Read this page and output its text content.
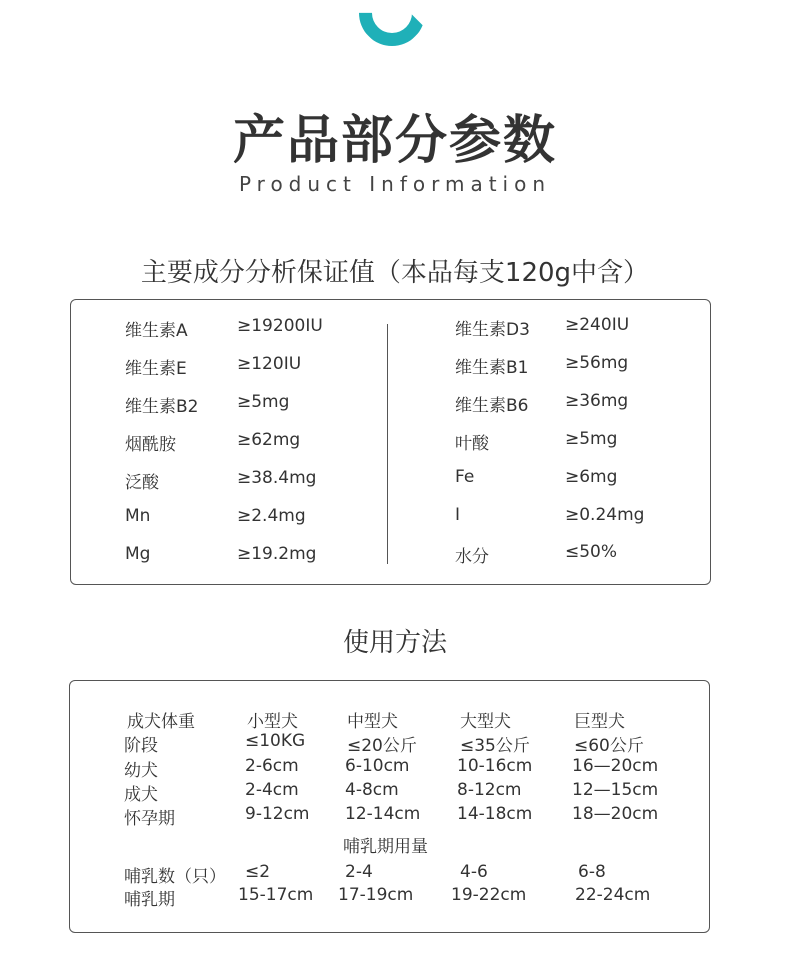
产品部分参数
Product Information
主要成分分析保证值（本品每支120g中含）
维生素A	≥19200IU
维生素E	≥120IU
维生素B2 ≥5mg
烟酰胺	≥62mg
泛酸	≥38.4mg
Mn	≥2.4mg
Mg	≥19.2mg
维生素D3 ≥240IU
维生素B1 ≥56mg
维生素B6 ≥36mg
叶酸	≥5mg
Fe	≥6mg
I	≥0.24mg
水分	≤50%
使用方法
成犬体重	小型犬	中型犬	大型犬	巨型犬
阶段	≤10KG ≤20公斤	≤35公斤	≤60公斤
幼犬	2-6cm	6-10cm	10-16cm 16—20cm
成犬	2-4cm	4-8cm	8-12cm	12—15cm
怀孕期	9-12cm 12-14cm 14-18cm 18—20cm
哺乳期用量
哺乳数（只） ≤2	2-4	4-6	6-8
哺乳期	15-17cm 17-19cm 19-22cm	22-24cm
